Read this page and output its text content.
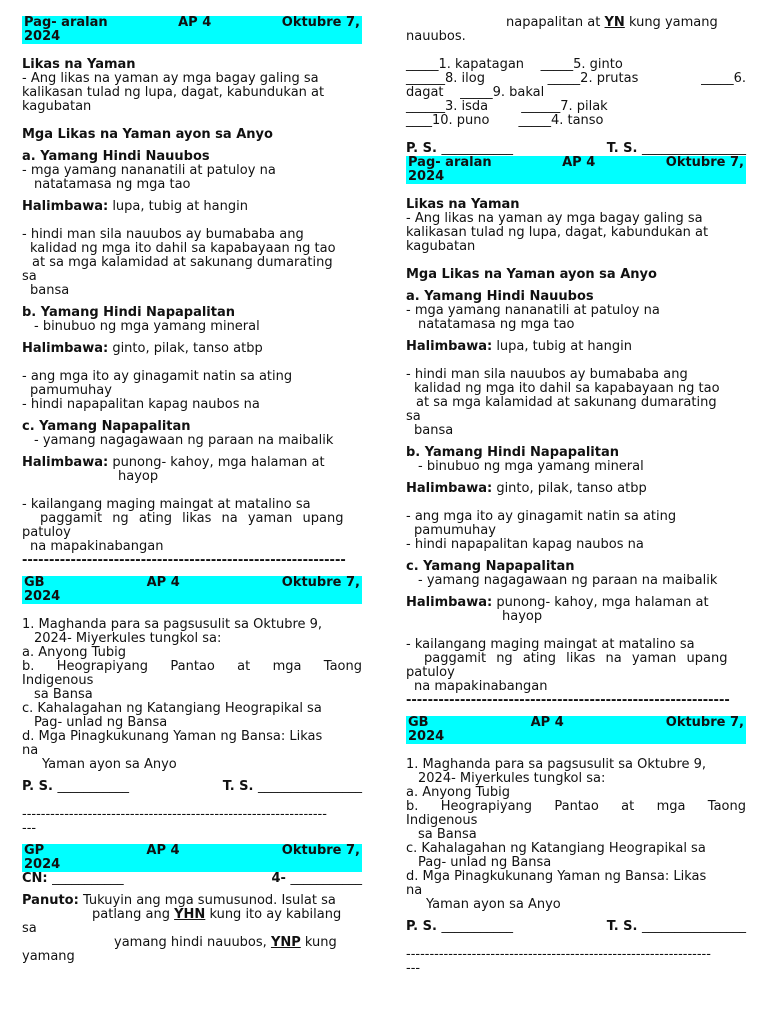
Pag- aralan	AP 4	Oktubre 7,
2024
Likas na Yaman
- Ang likas na yaman ay mga bagay galing sa
kalikasan tulad ng lupa, dagat, kabundukan at
kagubatan
Mga Likas na Yaman ayon sa Anyo
a. Yamang Hindi Nauubos
- mga yamang nananatili at patuloy na
natatamasa ng mga tao
Halimbawa: lupa, tubig at hangin
- hindi man sila nauubos ay bumababa ang
kalidad ng mga ito dahil sa kapabayaan ng tao
at sa mga kalamidad at sakunang dumarating
sa
bansa
b. Yamang Hindi Napapalitan
- binubuo ng mga yamang mineral
Halimbawa: ginto, pilak, tanso atbp
- ang mga ito ay ginagamit natin sa ating
pamumuhay
- hindi napapalitan kapag naubos na
c. Yamang Napapalitan
- yamang nagagawaan ng paraan na maibalik
Halimbawa: punong- kahoy, mga halaman at
hayop
- kailangang maging maingat at matalino sa
paggamit ng ating likas na yaman upang
patuloy
na mapakinabangan
------------------------------------------------------------
GB	AP 4	Oktubre 7,
2024
1. Maghanda para sa pagsusulit sa Oktubre 9,
2024- Miyerkules tungkol sa:
a. Anyong Tubig
b. Heograpiyang Pantao at mga Taong
Indigenous
sa Bansa
c. Kahalagahan ng Katangiang Heograpikal sa
Pag- unlad ng Bansa
d. Mga Pinagkukunang Yaman ng Bansa: Likas
na
Yaman ayon sa Anyo
P. S. ___________	T. S. ________________
-----------------------------------------------------------------
---
GP	AP 4	Oktubre 7,
2024
CN: ___________	4- ___________
Panuto: Tukuyin ang mga sumusunod. Isulat sa
patlang ang YHN kung ito ay kabilang
sa
yamang hindi nauubos, YNP kung
yamang
napapalitan at YN kung yamang
nauubos.
_____1. kapatagan _____5. ginto
______8. ilog	_____2. prutas	_____6.
dagat _____9. bakal
______3. isda	______7. pilak
____10. puno _____4. tanso
P. S. ___________	T. S. ________________
Pag- aralan	AP 4	Oktubre 7,
2024
Likas na Yaman
- Ang likas na yaman ay mga bagay galing sa
kalikasan tulad ng lupa, dagat, kabundukan at
kagubatan
Mga Likas na Yaman ayon sa Anyo
a. Yamang Hindi Nauubos
- mga yamang nananatili at patuloy na
natatamasa ng mga tao
Halimbawa: lupa, tubig at hangin
- hindi man sila nauubos ay bumababa ang
kalidad ng mga ito dahil sa kapabayaan ng tao
at sa mga kalamidad at sakunang dumarating
sa
bansa
b. Yamang Hindi Napapalitan
- binubuo ng mga yamang mineral
Halimbawa: ginto, pilak, tanso atbp
- ang mga ito ay ginagamit natin sa ating
pamumuhay
- hindi napapalitan kapag naubos na
c. Yamang Napapalitan
- yamang nagagawaan ng paraan na maibalik
Halimbawa: punong- kahoy, mga halaman at
hayop
- kailangang maging maingat at matalino sa
paggamit ng ating likas na yaman upang
patuloy
na mapakinabangan
------------------------------------------------------------
GB	AP 4	Oktubre 7,
2024
1. Maghanda para sa pagsusulit sa Oktubre 9,
2024- Miyerkules tungkol sa:
a. Anyong Tubig
b. Heograpiyang Pantao at mga Taong
Indigenous
sa Bansa
c. Kahalagahan ng Katangiang Heograpikal sa
Pag- unlad ng Bansa
d. Mga Pinagkukunang Yaman ng Bansa: Likas
na
Yaman ayon sa Anyo
P. S. ___________	T. S. ________________
-----------------------------------------------------------------
---
